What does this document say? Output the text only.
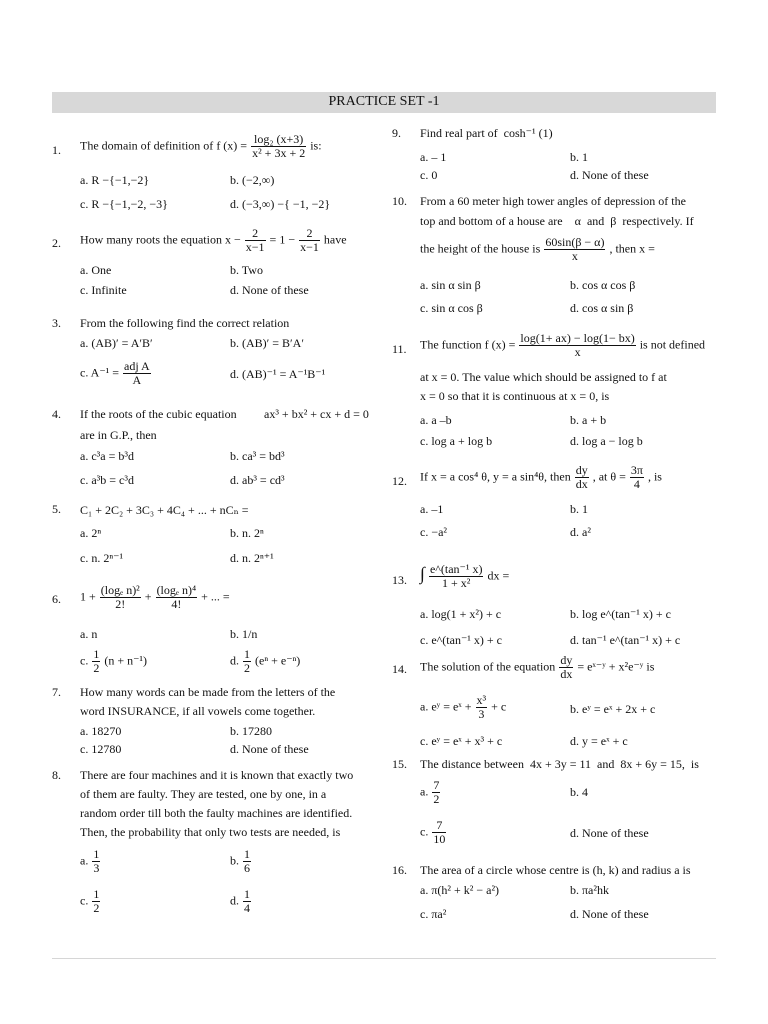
PRACTICE SET -1
1. The domain of definition of f $(x) = \frac{\text{log₂ (x+3)}}{\text{x² + 3x + 2}}$ is:
a. R −{−1,−2}	b. (−2,∞)
c. R −{−1,−2, −3}	d. (−3,∞) −{ −1, −2}
2. How many roots the equation $x - \frac{2}{x-1} = 1 - \frac{2}{x-1}$ have
a. One	b. Two
c. Infinite	d. None of these
3. From the following find the correct relation
a. (AB)′ = A′B′	b. (AB)′ = B′A′
c. $A^{-1} = \frac{\text{adj A}}{A}$	d. (AB)⁻¹ = A⁻¹B⁻¹
4. If the roots of the cubic equation ax³ + bx² + cx + d = 0
are in G.P., then
a. c³a = b³d	b. ca³ = bd³
c. a³b = c³d	d. ab³ = cd³
5. C₁ + 2C₂ + 3C₃ + 4C₄ + ... + nCₙ =
a. 2ⁿ	b. n. 2ⁿ
c. n. 2ⁿ⁻¹	d. n. 2ⁿ⁺¹
6. $1 + \frac{\text{(logₑ n)²}}{2!} + \frac{\text{(logₑ n)⁴}}{4!}$ + ... =
a. n	b. 1/n
c. $\frac{1}{2} (n + n^{-1})$	d. $\frac{1}{2} (e^n + e^{-n})$
7. How many words can be made from the letters of the
word INSURANCE, if all vowels come together.
a. 18270	b. 17280
c. 12780	d. None of these
8. There are four machines and it is known that exactly two
of them are faulty. They are tested, one by one, in a
random order till both the faulty machines are identified.
Then, the probability that only two tests are needed, is
a. $\frac{1}{3}$	b. $\frac{1}{6}$
c. $\frac{1}{2}$	d. $\frac{1}{4}$
9. Find real part of cosh⁻¹ (1)
a. – 1	b. 1
c. 0	d. None of these
10. From a 60 meter high tower angles of depression of the
top and bottom of a house are α and β respectively. If
the height of the house is $\frac{60\sin(\beta - \alpha)}{x}$ , then x =
a. sin α sin β	b. cos α cos β
c. sin α cos β	d. cos α sin β
11. The function f $(x) = \frac{\log(1+ ax) - \log(1- bx)}{x}$ is not defined
at x = 0. The value which should be assigned to f at
x = 0 so that it is continuous at x = 0, is
a. a –b	b. a + b
c. log a + log b	d. log a − log b
12. If x = a cos⁴ θ, y = a sin⁴θ, then $\frac{dy}{dx}$ , at $\theta = \frac{3\pi}{4}$ , is
a. –1	b. 1
c. −a²	d. a²
13. ∫ $\frac{\text{e\textasciicircum{}(tan⁻¹ x)}}{\text{1 + x²}}$ dx =
a. log(1 + x²) + c	b. log e^(tan⁻¹ x) + c
c. e^(tan⁻¹ x) + c	d. tan⁻¹ e^(tan⁻¹ x) + c
14. The solution of the equation $\frac{dy}{dx}$ = eˣ⁻ʸ + x²e⁻ʸ is
a. eʸ = eˣ + $\frac{\text{x³}}{3} + c$	b. eʸ = eˣ + 2x + c
c. eʸ = eˣ + x³ + c	d. y = eˣ + c
15. The distance between 4x + 3y = 11 and 8x + 6y = 15, is
a. $\frac{7}{2}$	b. 4
c. $\frac{7}{10}$	d. None of these
16. The area of a circle whose centre is (h, k) and radius a is
a. π(h² + k² − a²)	b. πa²hk
c. πa²	d. None of these
